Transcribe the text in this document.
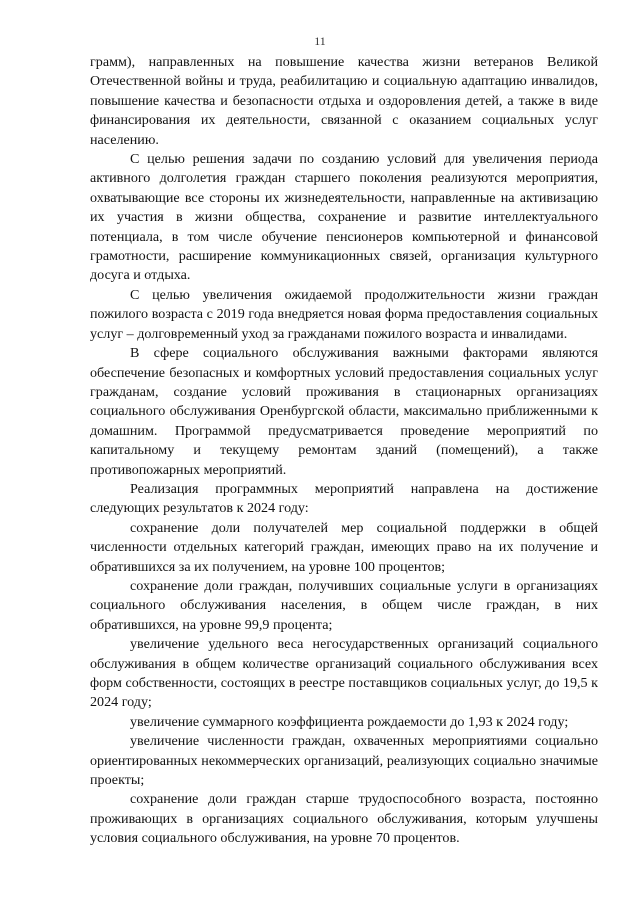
11

грамм), направленных на повышение качества жизни ветеранов Великой Отечественной войны и труда, реабилитацию и социальную адаптацию инвалидов, повышение качества и безопасности отдыха и оздоровления детей, а также в виде финансирования их деятельности, связанной с оказанием социальных услуг населению.

С целью решения задачи по созданию условий для увеличения периода активного долголетия граждан старшего поколения реализуются мероприятия, охватывающие все стороны их жизнедеятельности, направленные на активизацию их участия в жизни общества, сохранение и развитие интеллектуального потенциала, в том числе обучение пенсионеров компьютерной и финансовой грамотности, расширение коммуникационных связей, организация культурного досуга и отдыха.

С целью увеличения ожидаемой продолжительности жизни граждан пожилого возраста с 2019 года внедряется новая форма предоставления социальных услуг – долговременный уход за гражданами пожилого возраста и инвалидами.

В сфере социального обслуживания важными факторами являются обеспечение безопасных и комфортных условий предоставления социальных услуг гражданам, создание условий проживания в стационарных организациях социального обслуживания Оренбургской области, максимально приближенными к домашним. Программой предусматривается проведение мероприятий по капитальному и текущему ремонтам зданий (помещений), а также противопожарных мероприятий.

Реализация программных мероприятий направлена на достижение следующих результатов к 2024 году:

сохранение доли получателей мер социальной поддержки в общей численности отдельных категорий граждан, имеющих право на их получение и обратившихся за их получением, на уровне 100 процентов;

сохранение доли граждан, получивших социальные услуги в организациях социального обслуживания населения, в общем числе граждан, в них обратившихся, на уровне 99,9 процента;

увеличение удельного веса негосударственных организаций социального обслуживания в общем количестве организаций социального обслуживания всех форм собственности, состоящих в реестре поставщиков социальных услуг, до 19,5 к 2024 году;

увеличение суммарного коэффициента рождаемости до 1,93 к 2024 году;

увеличение численности граждан, охваченных мероприятиями социально ориентированных некоммерческих организаций, реализующих социально значимые проекты;

сохранение доли граждан старше трудоспособного возраста, постоянно проживающих в организациях социального обслуживания, которым улучшены условия социального обслуживания, на уровне 70 процентов.
